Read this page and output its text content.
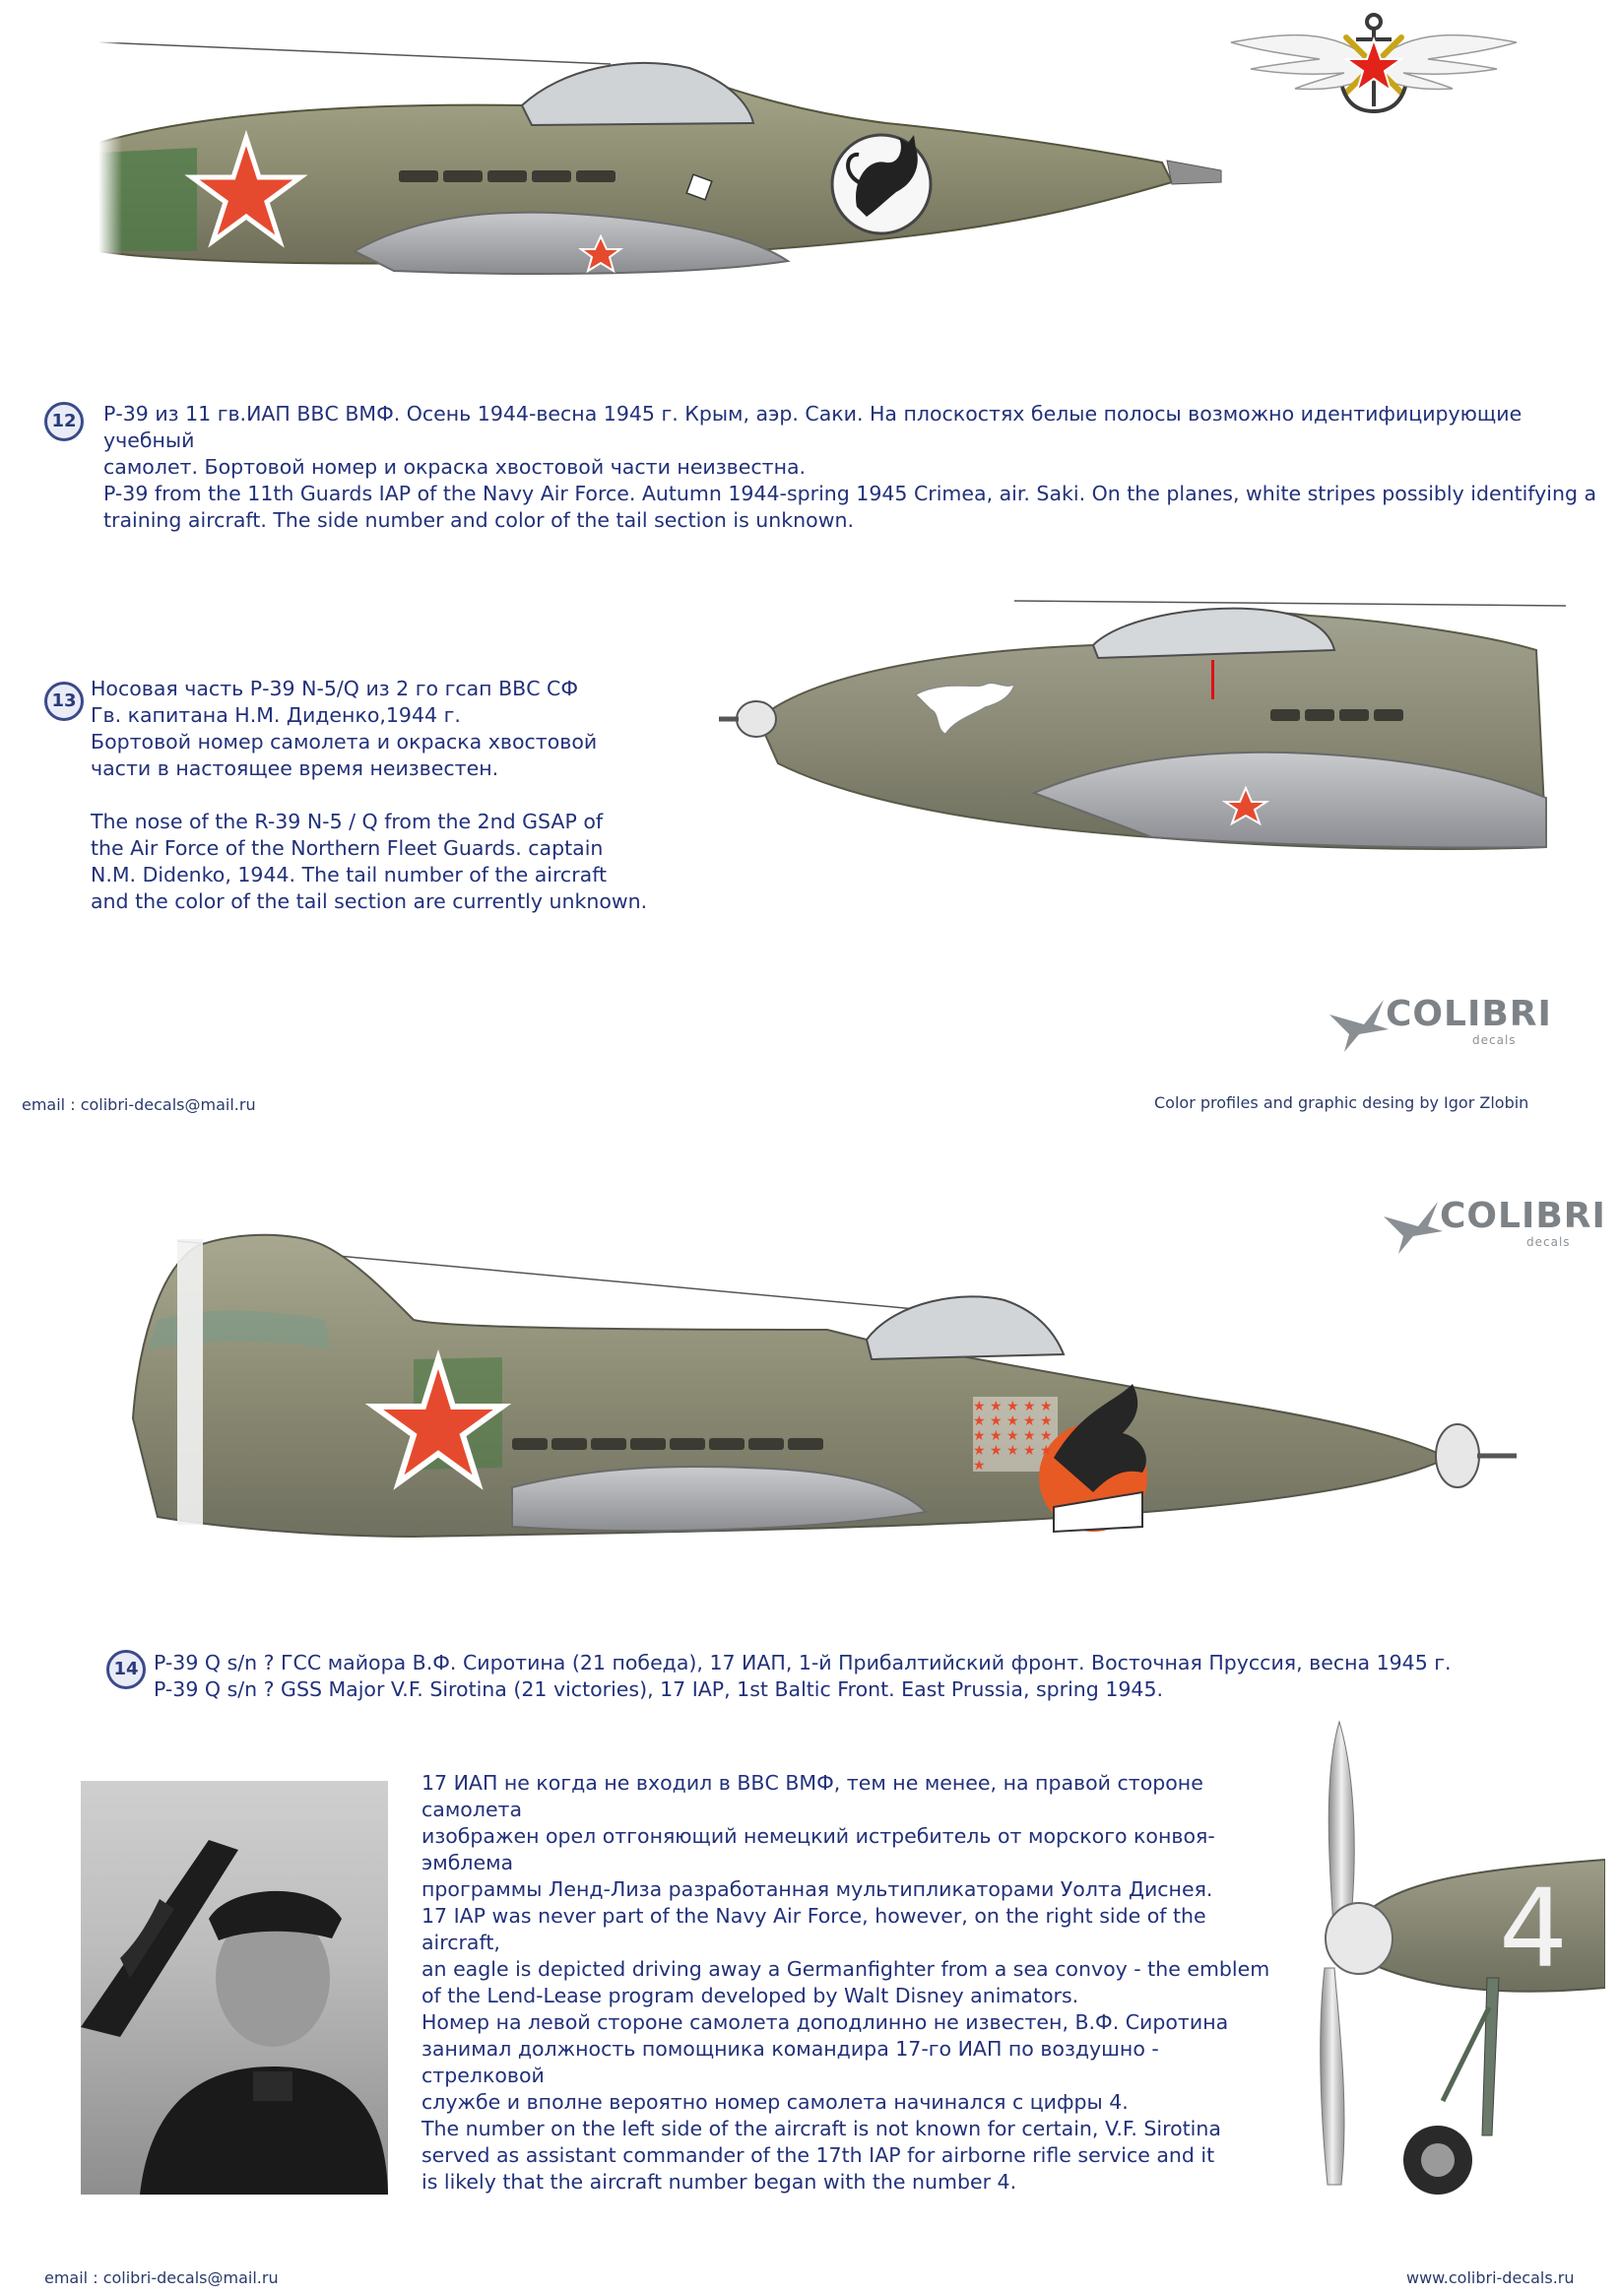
12	Р-39 из 11 гв.ИАП ВВС ВМФ. Осень 1944-весна 1945 г. Крым, аэр. Саки. На плоскостях белые полосы возможно идентифицирующие учебный
самолет. Бортовой номер и окраска хвостовой части неизвестна.
P-39 from the 11th Guards IAP of the Navy Air Force. Autumn 1944-spring 1945 Crimea, air. Saki. On the planes, white stripes possibly identifying a
training aircraft. The side number and color of the tail section is unknown.
13
Носовая часть Р-39 N-5/Q из 2 го гсап ВВС СФ
Гв. капитана Н.М. Диденко,1944 г.
Бортовой номер самолета и окраска хвостовой
части в настоящее время неизвестен.
The nose of the R-39 N-5 / Q from the 2nd GSAP of
the Air Force of the Northern Fleet Guards. captain
N.M. Didenko, 1944. The tail number of the aircraft
and the color of the tail section are currently unknown.
COLIBRI
decals
email : colibri-decals@mail.ru	Color profiles and graphic desing by Igor Zlobin
COLIBRI
decals
★ ★ ★ ★ ★
★ ★ ★ ★ ★
★ ★ ★ ★ ★
★ ★ ★ ★ ★
★
14 P-39 Q s/n ? ГСС майора В.Ф. Сиротина (21 победа), 17 ИАП, 1-й Прибалтийский фронт. Восточная Пруссия, весна 1945 г.
P-39 Q s/n ? GSS Major V.F. Sirotina (21 victories), 17 IAP, 1st Baltic Front. East Prussia, spring 1945.
17 ИАП не когда не входил в ВВС ВМФ, тем не менее, на правой стороне самолета
изображен орел отгоняющий немецкий истребитель от морского конвоя-эмблема
программы Ленд-Лиза разработанная мультипликаторами Уолта Диснея.
17 IAP was never part of the Navy Air Force, however, on the right side of the aircraft,
an eagle is depicted driving away a Germanfighter from a sea convoy - the emblem
of the Lend-Lease program developed by Walt Disney animators.
Номер на левой стороне самолета доподлинно не известен, В.Ф. Сиротина
занимал должность помощника командира 17-го ИАП по воздушно - стрелковой
службе и вполне вероятно номер самолета начинался с цифры 4.
The number on the left side of the aircraft is not known for certain, V.F. Sirotina
served as assistant commander of the 17th IAP for airborne rifle service and it
is likely that the aircraft number began with the number 4.
4
email : colibri-decals@mail.ru	www.colibri-decals.ru
